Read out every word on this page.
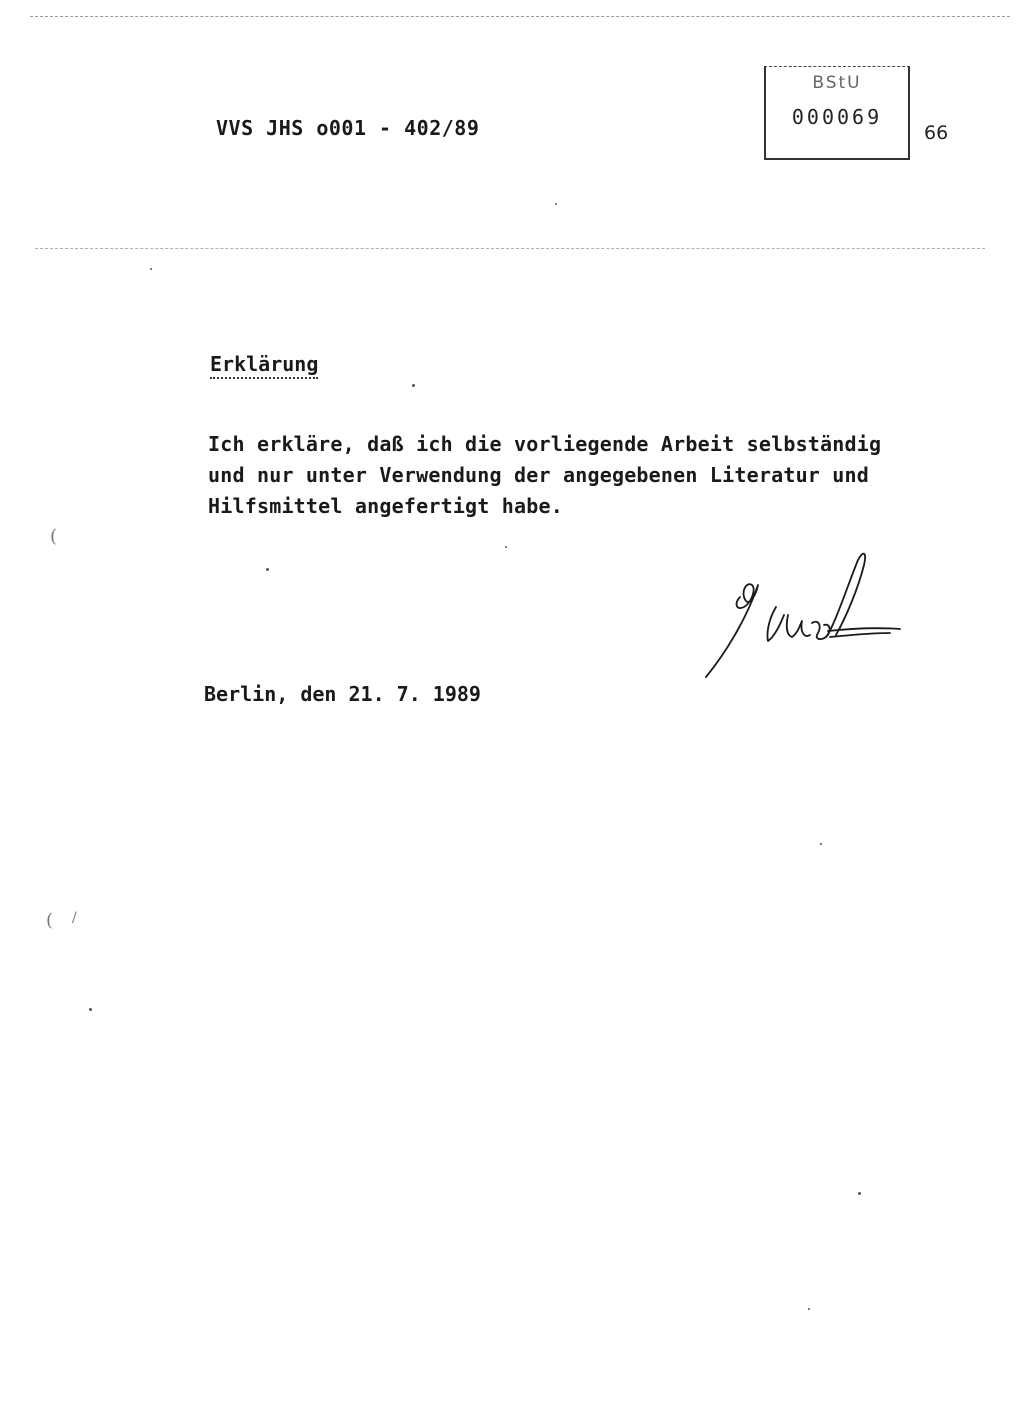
VVS JHS o001 - 402/89
BStU
000069
66
Erklärung
Ich erkläre, daß ich die vorliegende Arbeit selbständig
und nur unter Verwendung der angegebenen Literatur und
Hilfsmittel angefertigt habe.
Berlin, den 21. 7. 1989
(
( /
